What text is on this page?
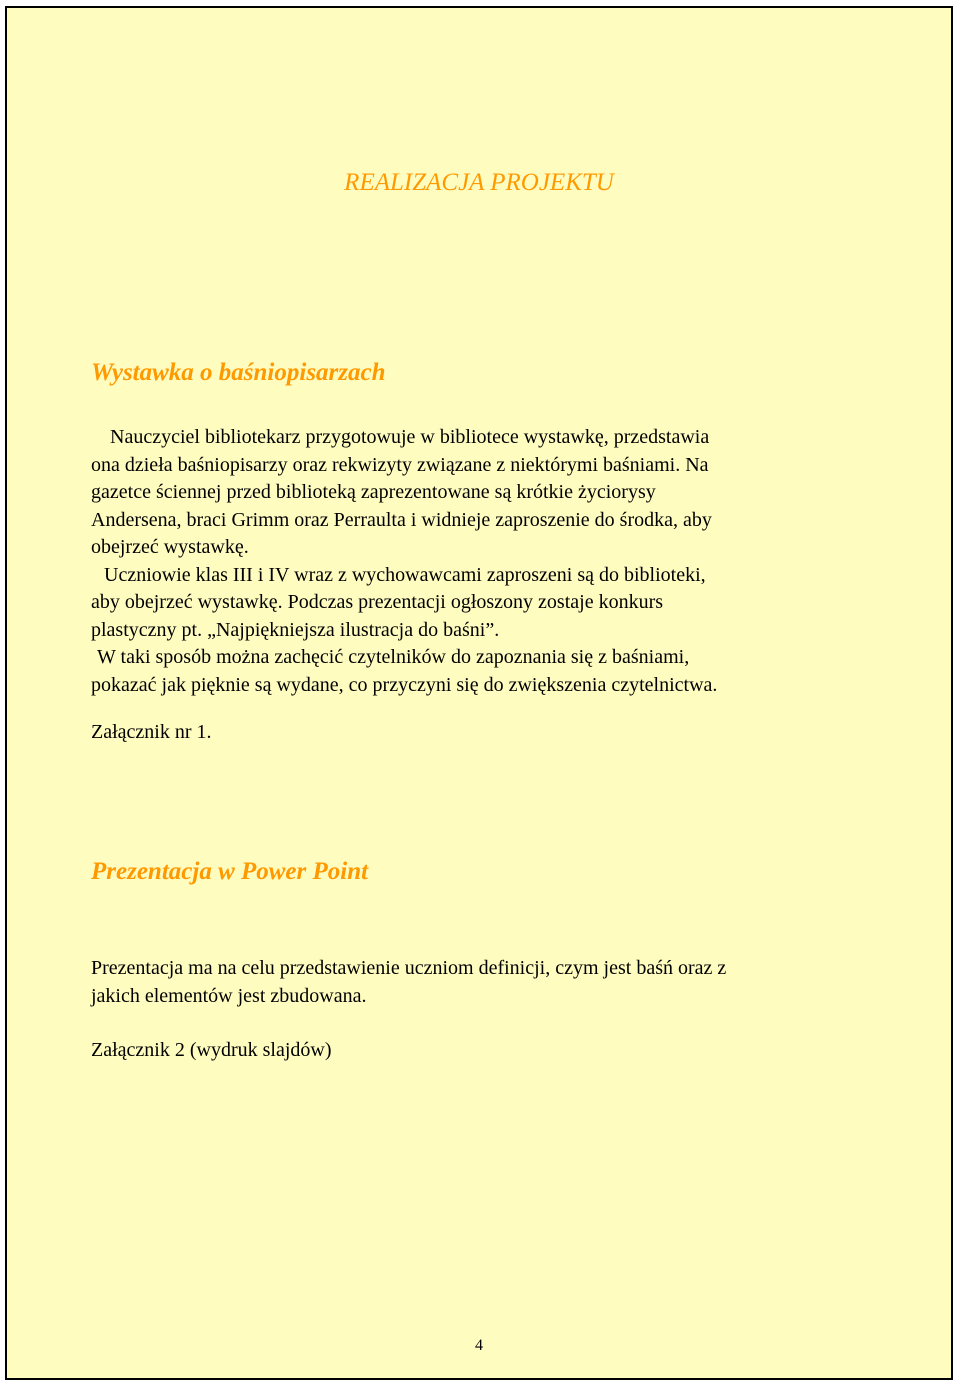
REALIZACJA PROJEKTU
Wystawka o baśniopisarzach
Nauczyciel bibliotekarz przygotowuje w bibliotece wystawkę, przedstawia
ona dzieła baśniopisarzy oraz rekwizyty związane z niektórymi baśniami. Na
gazetce ściennej przed biblioteką zaprezentowane są krótkie życiorysy
Andersena, braci Grimm oraz Perraulta i widnieje zaproszenie do środka, aby
obejrzeć wystawkę.
Uczniowie klas III i IV wraz z wychowawcami zaproszeni są do biblioteki,
aby obejrzeć wystawkę. Podczas prezentacji ogłoszony zostaje konkurs
plastyczny pt. „Najpiękniejsza ilustracja do baśni”.
W taki sposób można zachęcić czytelników do zapoznania się z baśniami,
pokazać jak pięknie są wydane, co przyczyni się do zwiększenia czytelnictwa.

Załącznik nr 1.

Prezentacja w Power Point
Prezentacja ma na celu przedstawienie uczniom definicji, czym jest baśń oraz z
jakich elementów jest zbudowana.

Załącznik 2 (wydruk slajdów)

4
